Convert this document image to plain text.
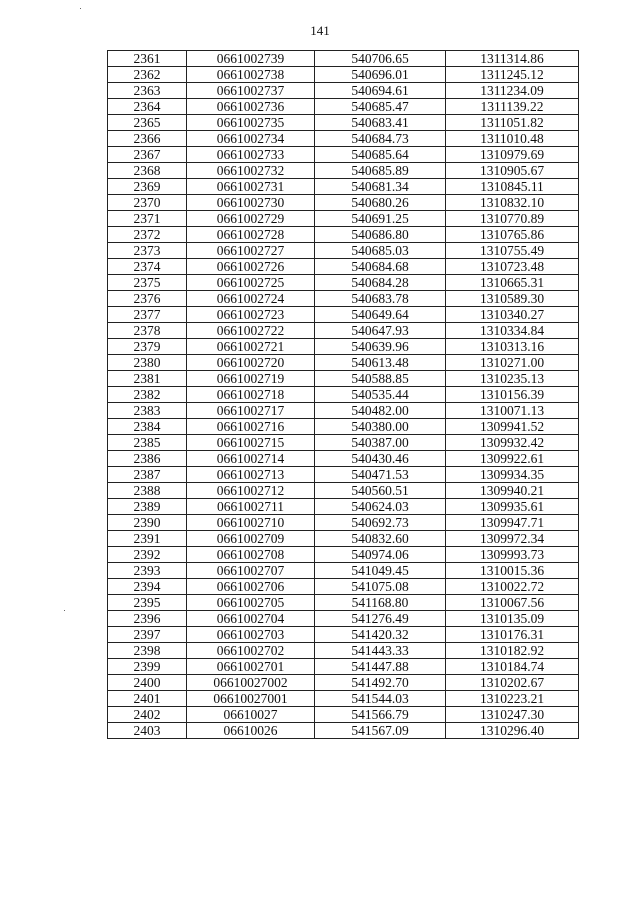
141
2361	0661002739	540706.65	1311314.86
2362	0661002738	540696.01	1311245.12
2363	0661002737	540694.61	1311234.09
2364	0661002736	540685.47	1311139.22
2365	0661002735	540683.41	1311051.82
2366	0661002734	540684.73	1311010.48
2367	0661002733	540685.64	1310979.69
2368	0661002732	540685.89	1310905.67
2369	0661002731	540681.34	1310845.11
2370	0661002730	540680.26	1310832.10
2371	0661002729	540691.25	1310770.89
2372	0661002728	540686.80	1310765.86
2373	0661002727	540685.03	1310755.49
2374	0661002726	540684.68	1310723.48
2375	0661002725	540684.28	1310665.31
2376	0661002724	540683.78	1310589.30
2377	0661002723	540649.64	1310340.27
2378	0661002722	540647.93	1310334.84
2379	0661002721	540639.96	1310313.16
2380	0661002720	540613.48	1310271.00
2381	0661002719	540588.85	1310235.13
2382	0661002718	540535.44	1310156.39
2383	0661002717	540482.00	1310071.13
2384	0661002716	540380.00	1309941.52
2385	0661002715	540387.00	1309932.42
2386	0661002714	540430.46	1309922.61
2387	0661002713	540471.53	1309934.35
2388	0661002712	540560.51	1309940.21
2389	0661002711	540624.03	1309935.61
2390	0661002710	540692.73	1309947.71
2391	0661002709	540832.60	1309972.34
2392	0661002708	540974.06	1309993.73
2393	0661002707	541049.45	1310015.36
2394	0661002706	541075.08	1310022.72
2395	0661002705	541168.80	1310067.56
2396	0661002704	541276.49	1310135.09
2397	0661002703	541420.32	1310176.31
2398	0661002702	541443.33	1310182.92
2399	0661002701	541447.88	1310184.74
2400	06610027002	541492.70	1310202.67
2401	06610027001	541544.03	1310223.21
2402	06610027	541566.79	1310247.30
2403	06610026	541567.09	1310296.40
